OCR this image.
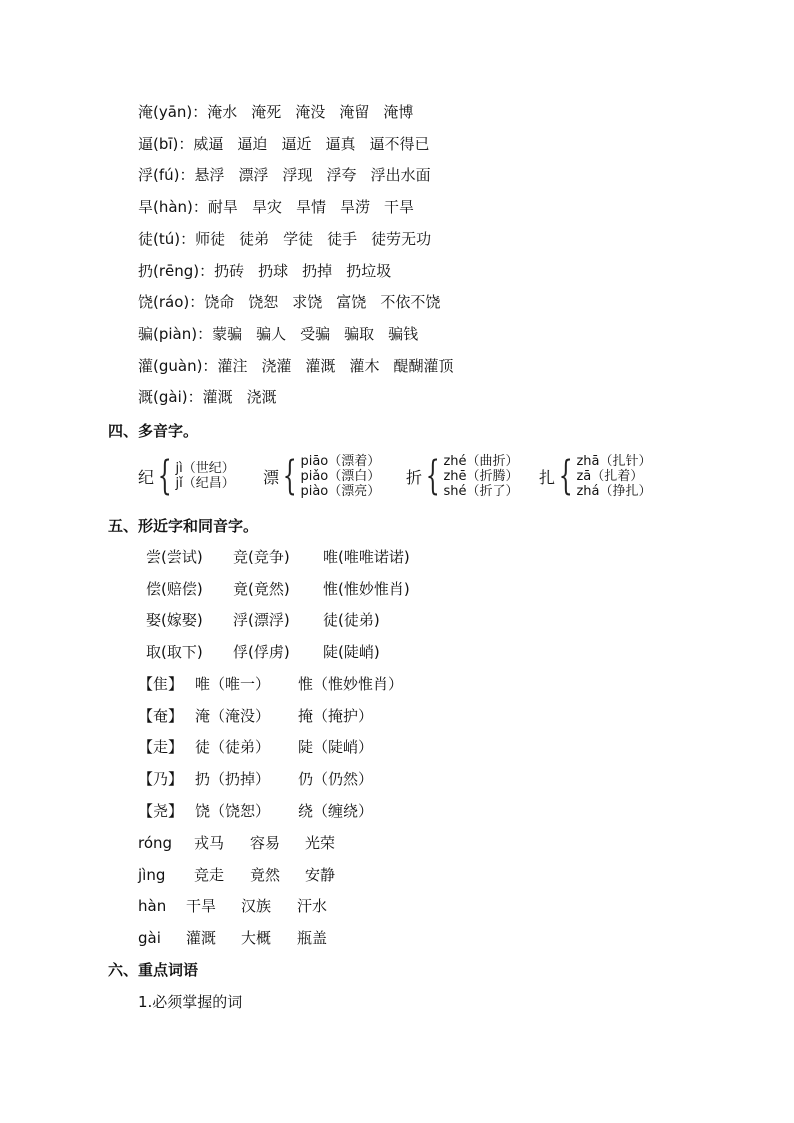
淹(yān)：淹水 淹死 淹没 淹留 淹博
逼(bī)：威逼 逼迫 逼近 逼真 逼不得已
浮(fú)：悬浮 漂浮 浮现 浮夸 浮出水面
旱(hàn)：耐旱 旱灾 旱情 旱涝 干旱
徒(tú)：师徒 徒弟 学徒 徒手 徒劳无功
扔(rēng)：扔砖 扔球 扔掉 扔垃圾
饶(ráo)：饶命 饶恕 求饶 富饶 不依不饶
骗(piàn)：蒙骗 骗人 受骗 骗取 骗钱
灌(guàn)：灌注 浇灌 灌溉 灌木 醍醐灌顶
溉(gài)：灌溉 浇溉
四、多音字。
纪 { jì（世纪）
jǐ（纪昌） 漂 { piāo（漂着）
piǎo（漂白）
piào（漂亮）
折 { zhé（曲折）
zhē（折腾）
shé（折了）
扎 { zhā（扎针）
zā（扎着）
zhá（挣扎）
五、形近字和同音字。
尝(尝试) 竞(竞争) 唯(唯唯诺诺)
偿(赔偿) 竟(竟然) 惟(惟妙惟肖)
娶(嫁娶) 浮(漂浮) 徒(徒弟)
取(取下) 俘(俘虏) 陡(陡峭)
【隹】 唯（唯一） 惟（惟妙惟肖）
【奄】 淹（淹没） 掩（掩护）
【走】 徒（徒弟） 陡（陡峭）
【乃】 扔（扔掉） 仍（仍然）
【尧】 饶（饶恕） 绕（缠绕）
róng 戎马 容易 光荣
jìng 竞走 竟然 安静
hàn 干旱 汉族 汗水
gài 灌溉 大概 瓶盖
六、重点词语
1.必须掌握的词
